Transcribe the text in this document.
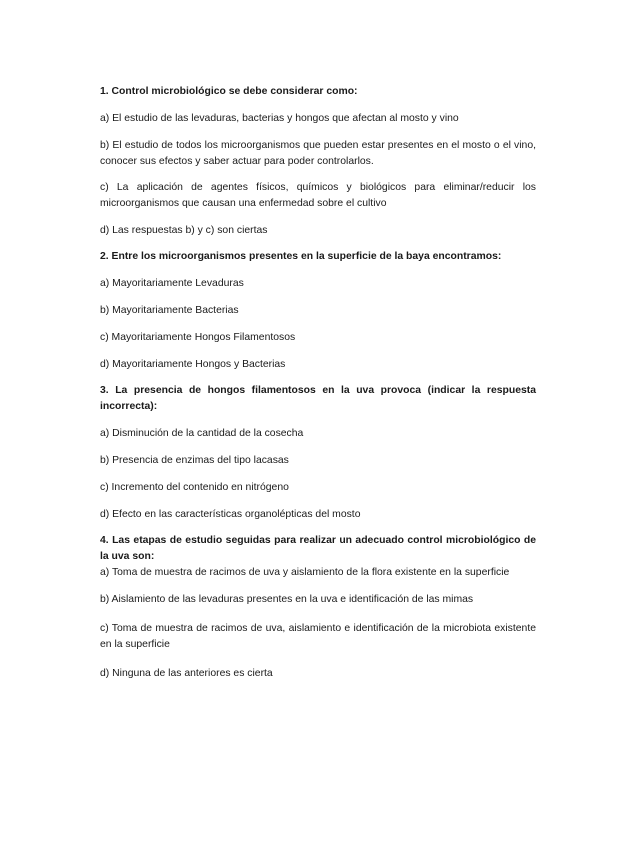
1. Control microbiológico se debe considerar como:

a) El estudio de las levaduras, bacterias y hongos que afectan al mosto y vino

b) El estudio de todos los microorganismos que pueden estar presentes en el mosto o el vino, conocer sus efectos y saber actuar para poder controlarlos.

c) La aplicación de agentes físicos, químicos y biológicos para eliminar/reducir los microorganismos que causan una enfermedad sobre el cultivo

d) Las respuestas b) y c) son ciertas

2. Entre los microorganismos presentes en la superficie de la baya encontramos:

a) Mayoritariamente Levaduras

b) Mayoritariamente Bacterias

c) Mayoritariamente Hongos Filamentosos

d) Mayoritariamente Hongos y Bacterias

3. La presencia de hongos filamentosos en la uva provoca (indicar la respuesta incorrecta):

a) Disminución de la cantidad de la cosecha

b) Presencia de enzimas del tipo lacasas

c) Incremento del contenido en nitrógeno

d) Efecto en las características organolépticas del mosto

4. Las etapas de estudio seguidas para realizar un adecuado control microbiológico de la uva son:

a) Toma de muestra de racimos de uva y aislamiento de la flora existente en la superficie

b) Aislamiento de las levaduras presentes en la uva e identificación de las mimas

c) Toma de muestra de racimos de uva, aislamiento e identificación de la microbiota existente en la superficie

d) Ninguna de las anteriores es cierta
